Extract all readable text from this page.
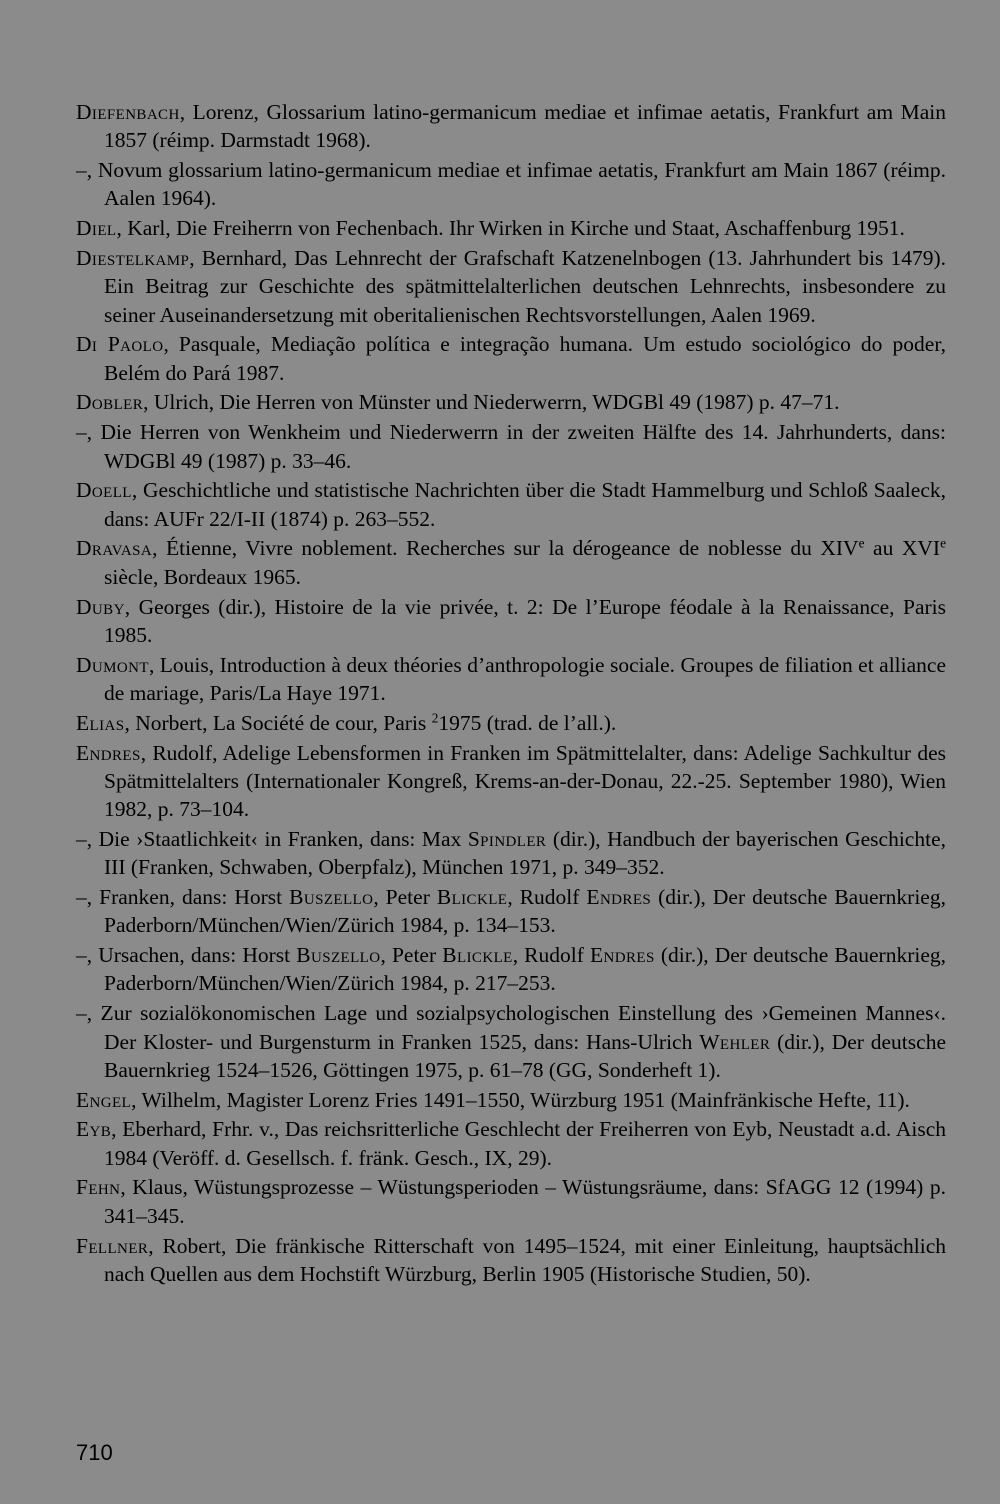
Diefenbach, Lorenz, Glossarium latino-germanicum mediae et infimae aetatis, Frankfurt am Main 1857 (réimp. Darmstadt 1968).

–, Novum glossarium latino-germanicum mediae et infimae aetatis, Frankfurt am Main 1867 (réimp. Aalen 1964).

Diel, Karl, Die Freiherrn von Fechenbach. Ihr Wirken in Kirche und Staat, Aschaffenburg 1951.

Diestelkamp, Bernhard, Das Lehnrecht der Grafschaft Katzenelnbogen (13. Jahrhundert bis 1479). Ein Beitrag zur Geschichte des spätmittelalterlichen deutschen Lehnrechts, insbesondere zu seiner Auseinandersetzung mit oberitalienischen Rechtsvorstellungen, Aalen 1969.

Di Paolo, Pasquale, Mediação política e integração humana. Um estudo sociológico do poder, Belém do Pará 1987.

Dobler, Ulrich, Die Herren von Münster und Niederwerrn, WDGBl 49 (1987) p. 47–71.

–, Die Herren von Wenkheim und Niederwerrn in der zweiten Hälfte des 14. Jahrhunderts, dans: WDGBl 49 (1987) p. 33–46.

Doell, Geschichtliche und statistische Nachrichten über die Stadt Hammelburg und Schloß Saaleck, dans: AUFr 22/I-II (1874) p. 263–552.

Dravasa, Étienne, Vivre noblement. Recherches sur la dérogeance de noblesse du XIVe au XVIe siècle, Bordeaux 1965.

Duby, Georges (dir.), Histoire de la vie privée, t. 2: De l’Europe féodale à la Renaissance, Paris 1985.

Dumont, Louis, Introduction à deux théories d’anthropologie sociale. Groupes de filiation et alliance de mariage, Paris/La Haye 1971.

Elias, Norbert, La Société de cour, Paris $^2$1975 (trad. de l’all.).

Endres, Rudolf, Adelige Lebensformen in Franken im Spätmittelalter, dans: Adelige Sachkultur des Spätmittelalters (Internationaler Kongreß, Krems-an-der-Donau, 22.-25. September 1980), Wien 1982, p. 73–104.

–, Die ›Staatlichkeit‹ in Franken, dans: Max Spindler (dir.), Handbuch der bayerischen Geschichte, III (Franken, Schwaben, Oberpfalz), München 1971, p. 349–352.

–, Franken, dans: Horst Buszello, Peter Blickle, Rudolf Endres (dir.), Der deutsche Bauernkrieg, Paderborn/München/Wien/Zürich 1984, p. 134–153.

–, Ursachen, dans: Horst Buszello, Peter Blickle, Rudolf Endres (dir.), Der deutsche Bauernkrieg, Paderborn/München/Wien/Zürich 1984, p. 217–253.

–, Zur sozialökonomischen Lage und sozialpsychologischen Einstellung des ›Gemeinen Mannes‹. Der Kloster- und Burgensturm in Franken 1525, dans: Hans-Ulrich Wehler (dir.), Der deutsche Bauernkrieg 1524–1526, Göttingen 1975, p. 61–78 (GG, Sonderheft 1).

Engel, Wilhelm, Magister Lorenz Fries 1491–1550, Würzburg 1951 (Mainfränkische Hefte, 11).

Eyb, Eberhard, Frhr. v., Das reichsritterliche Geschlecht der Freiherren von Eyb, Neustadt a.d. Aisch 1984 (Veröff. d. Gesellsch. f. fränk. Gesch., IX, 29).

Fehn, Klaus, Wüstungsprozesse – Wüstungsperioden – Wüstungsräume, dans: SfAGG 12 (1994) p. 341–345.

Fellner, Robert, Die fränkische Ritterschaft von 1495–1524, mit einer Einleitung, hauptsächlich nach Quellen aus dem Hochstift Würzburg, Berlin 1905 (Historische Studien, 50).

710
